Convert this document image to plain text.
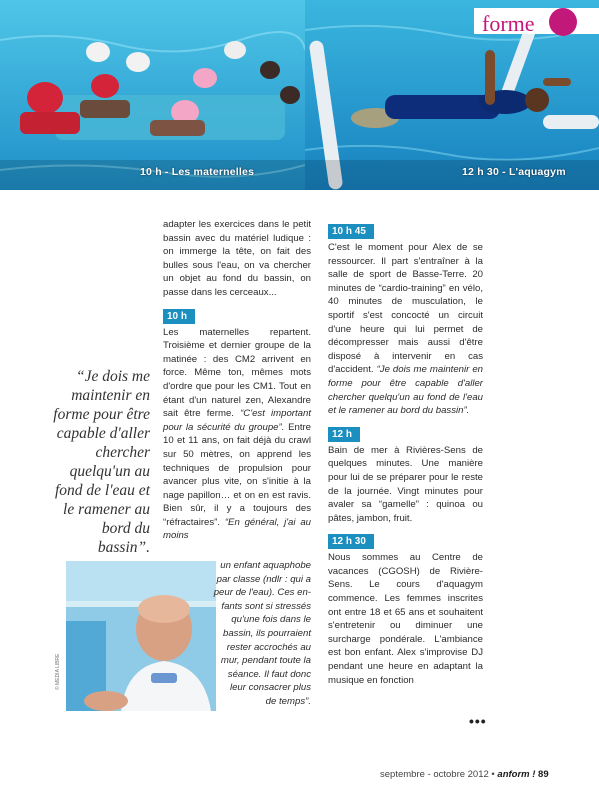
10 h - Les maternelles	12 h 30 - L'aquagym
forme
“Je dois me maintenir en forme pour être capable d'aller chercher quelqu'un au fond de l'eau et le ramener au bord du bassin”.
© MEDIA LIBRE

adapter les exercices dans le petit bassin avec du matériel ludique : on immerge la tête, on fait des bulles sous l'eau, on va chercher un objet au fond du bassin, on passe dans les cerceaux...

10 h

Les maternelles repartent. Troisième et dernier groupe de la matinée : des CM2 arrivent en force. Même ton, mêmes mots d'ordre que pour les CM1. Tout en étant d'un naturel zen, Alexandre sait être ferme. “C'est important pour la sécurité du groupe”. Entre 10 et 11 ans, on fait déjà du crawl sur 50 mètres, on apprend les techniques de propulsion pour avancer plus vite, on s'initie à la nage papillon… et on en est ravis. Bien sûr, il y a toujours des “réfractaires”. “En général, j'ai au moins

un enfant aquaphobe
par classe (ndlr : qui a
peur de l'eau). Ces en-
fants sont si stressés
qu'une fois dans le
bassin, ils pourraient
rester accrochés au
mur, pendant toute la
séance. Il faut donc
leur consacrer plus
de temps”.
10 h 45

C'est le moment pour Alex de se ressourcer. Il part s'entraîner à la salle de sport de Basse-Terre. 20 minutes de “cardio-training” en vélo, 40 minutes de musculation, le sportif s'est concocté un circuit d'une heure qui lui permet de décompresser mais aussi d'être disposé à intervenir en cas d'accident. “Je dois me maintenir en forme pour être capable d'aller chercher quelqu'un au fond de l'eau et le ramener au bord du bassin”.

12 h

Bain de mer à Rivières-Sens de quelques minutes. Une manière pour lui de se préparer pour le reste de la journée. Vingt minutes pour avaler sa “gamelle” : quinoa ou pâtes, jambon, fruit.

12 h 30

Nous sommes au Centre de vacances (CGOSH) de Rivière-Sens. Le cours d'aquagym commence. Les femmes inscrites ont entre 18 et 65 ans et souhaitent s'entretenir ou diminuer une surcharge pondérale. L'ambiance est bon enfant. Alex s'improvise DJ pendant une heure en adaptant la musique en fonction

•••
septembre - octobre 2012 • anform ! 89
